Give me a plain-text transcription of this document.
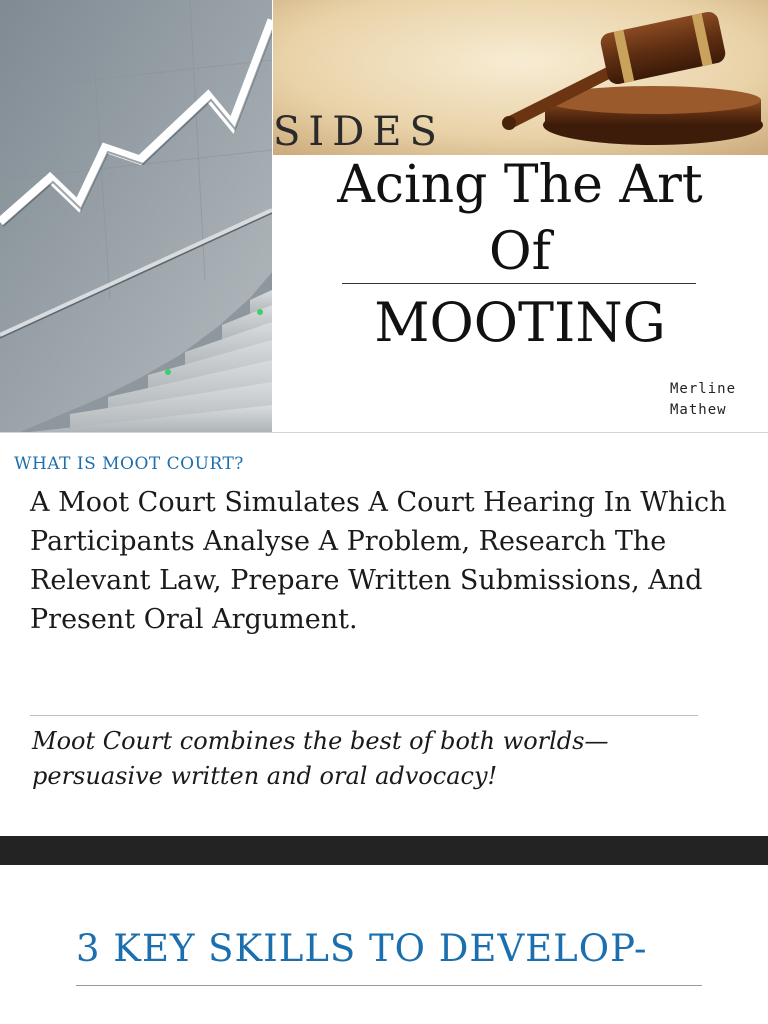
SIDES
Acing The Art
Of
MOOTING
Merline
Mathew
WHAT IS MOOT COURT?
A Moot Court Simulates A Court Hearing In Which Participants Analyse A Problem, Research The Relevant Law, Prepare Written Submissions, And Present Oral Argument.
Moot Court combines the best of both worlds—
persuasive written and oral advocacy!
3 KEY SKILLS TO DEVELOP-
